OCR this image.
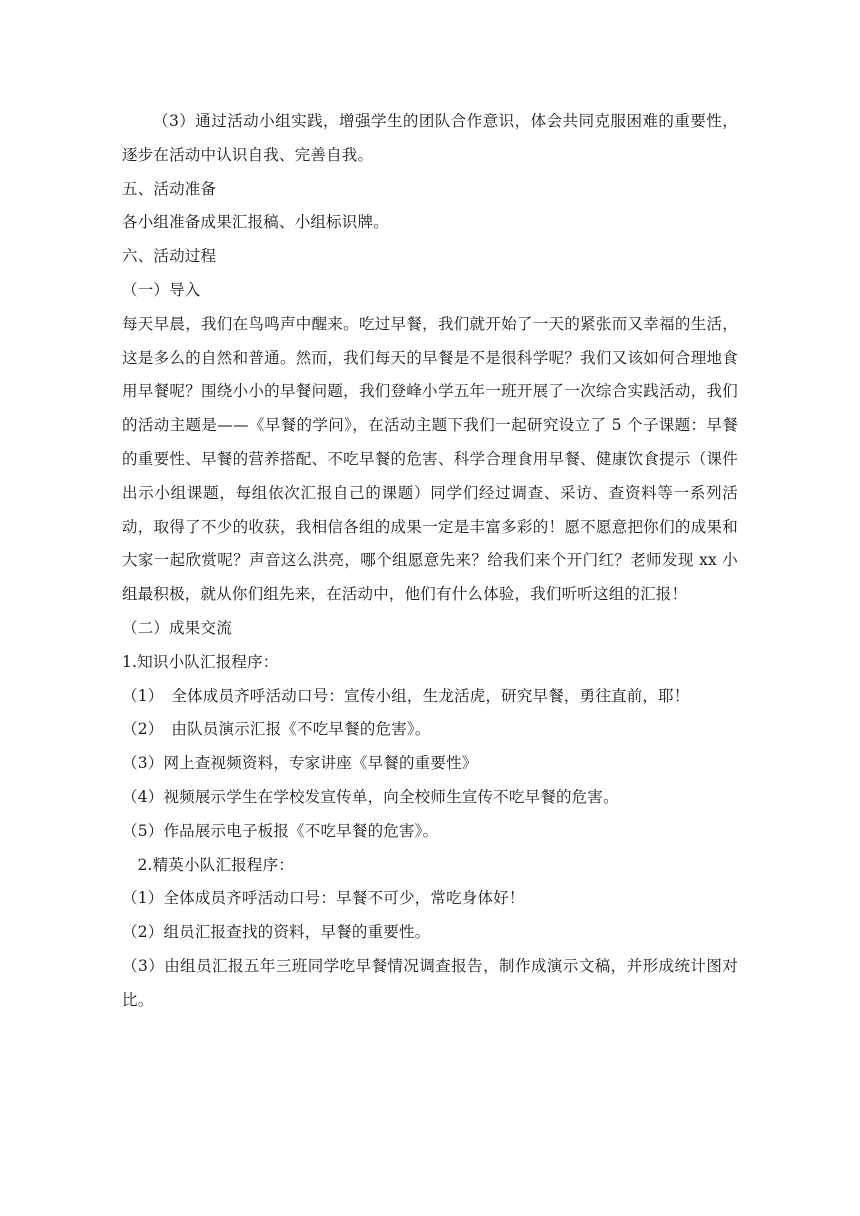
（3）通过活动小组实践，增强学生的团队合作意识，体会共同克服困难的重要性，逐步在活动中认识自我、完善自我。

五、活动准备

各小组准备成果汇报稿、小组标识牌。

六、活动过程

（一）导入

每天早晨，我们在鸟鸣声中醒来。吃过早餐，我们就开始了一天的紧张而又幸福的生活，这是多么的自然和普通。然而，我们每天的早餐是不是很科学呢？我们又该如何合理地食用早餐呢？围绕小小的早餐问题，我们登峰小学五年一班开展了一次综合实践活动，我们的活动主题是——《早餐的学问》，在活动主题下我们一起研究设立了 5 个子课题：早餐的重要性、早餐的营养搭配、不吃早餐的危害、科学合理食用早餐、健康饮食提示（课件出示小组课题，每组依次汇报自己的课题）同学们经过调查、采访、查资料等一系列活动，取得了不少的收获，我相信各组的成果一定是丰富多彩的！愿不愿意把你们的成果和大家一起欣赏呢？声音这么洪亮，哪个组愿意先来？给我们来个开门红？老师发现 xx 小组最积极，就从你们组先来，在活动中，他们有什么体验，我们听听这组的汇报！

（二）成果交流

1.知识小队汇报程序：

（1）　全体成员齐呼活动口号：宣传小组，生龙活虎，研究早餐，勇往直前，耶！

（2）　由队员演示汇报《不吃早餐的危害》。

（3）网上查视频资料，专家讲座《早餐的重要性》

（4）视频展示学生在学校发宣传单，向全校师生宣传不吃早餐的危害。

（5）作品展示电子板报《不吃早餐的危害》。

2.精英小队汇报程序：

（1）全体成员齐呼活动口号：早餐不可少，常吃身体好！

（2）组员汇报查找的资料，早餐的重要性。

（3）由组员汇报五年三班同学吃早餐情况调查报告，制作成演示文稿，并形成统计图对比。
